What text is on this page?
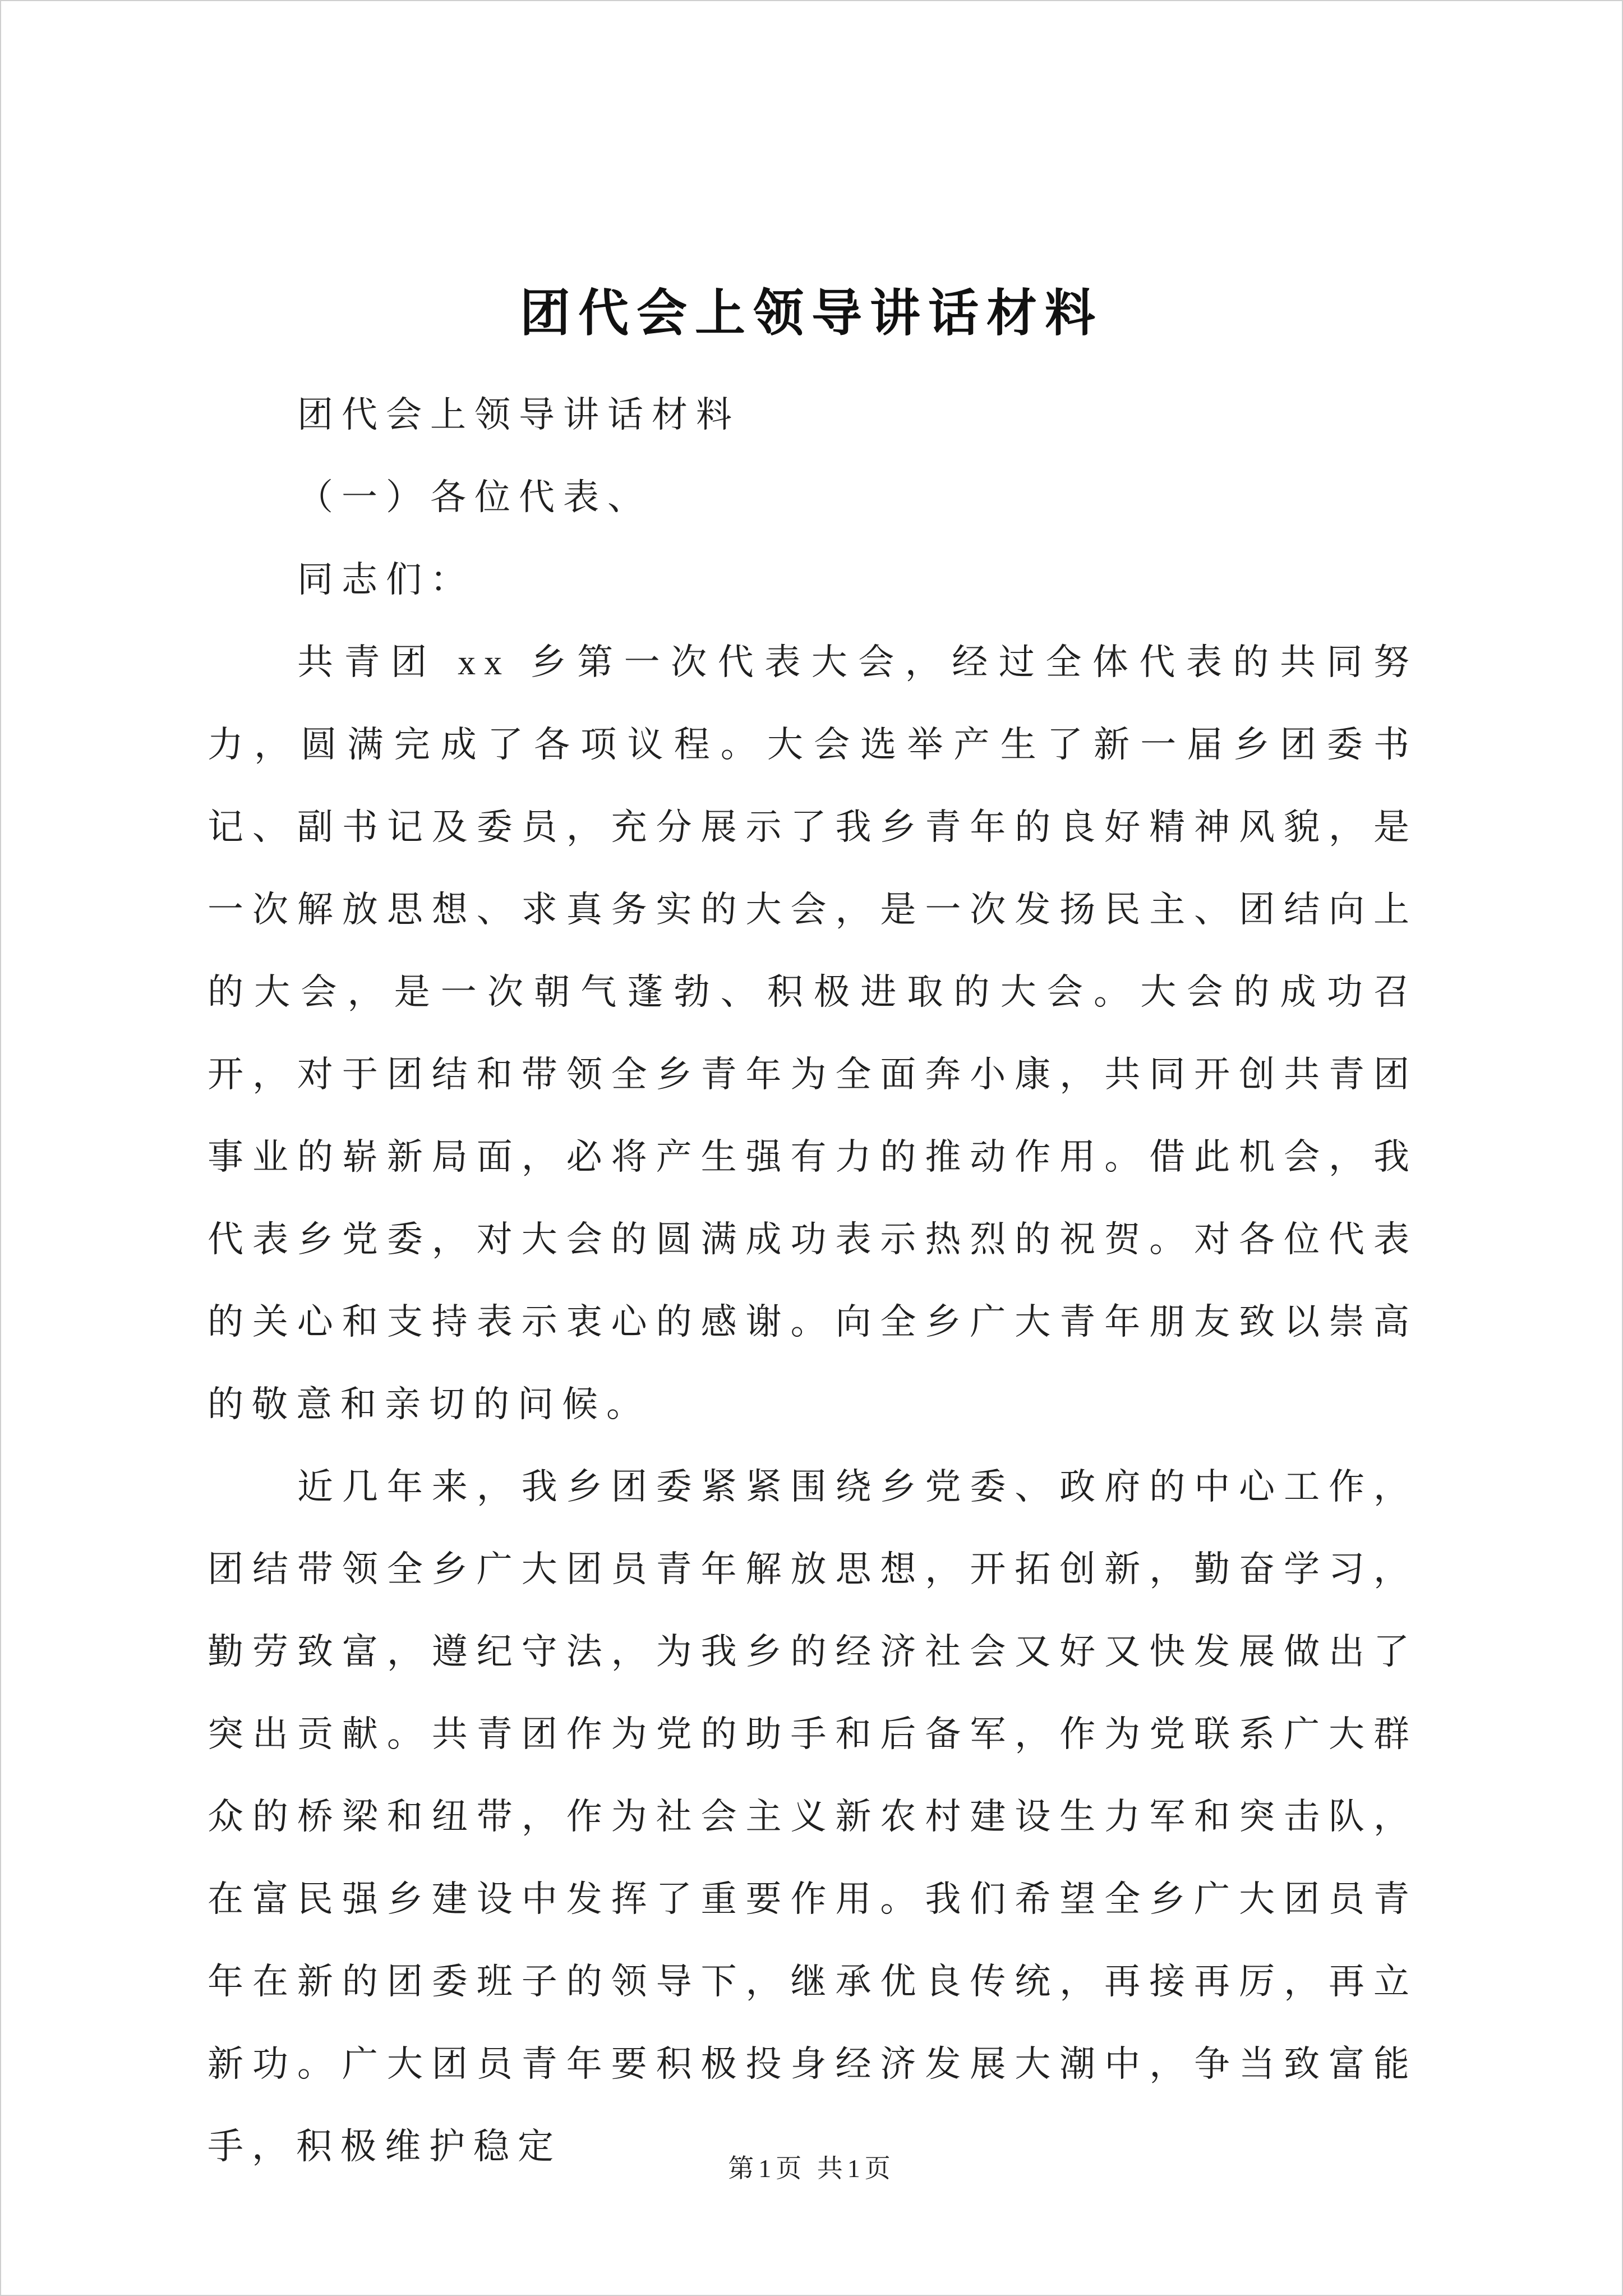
团代会上领导讲话材料

团代会上领导讲话材料

（一）各位代表、

同志们：

共青团 xx 乡第一次代表大会，经过全体代表的共同努力，圆满完成了各项议程。大会选举产生了新一届乡团委书记、副书记及委员，充分展示了我乡青年的良好精神风貌，是一次解放思想、求真务实的大会，是一次发扬民主、团结向上的大会，是一次朝气蓬勃、积极进取的大会。大会的成功召开，对于团结和带领全乡青年为全面奔小康，共同开创共青团事业的崭新局面，必将产生强有力的推动作用。借此机会，我代表乡党委，对大会的圆满成功表示热烈的祝贺。对各位代表的关心和支持表示衷心的感谢。向全乡广大青年朋友致以崇高的敬意和亲切的问候。

近几年来，我乡团委紧紧围绕乡党委、政府的中心工作，团结带领全乡广大团员青年解放思想，开拓创新，勤奋学习，勤劳致富，遵纪守法，为我乡的经济社会又好又快发展做出了突出贡献。共青团作为党的助手和后备军，作为党联系广大群众的桥梁和纽带，作为社会主义新农村建设生力军和突击队，在富民强乡建设中发挥了重要作用。我们希望全乡广大团员青年在新的团委班子的领导下，继承优良传统，再接再厉，再立新功。广大团员青年要积极投身经济发展大潮中，争当致富能手，积极维护稳定

第1页 共1页
